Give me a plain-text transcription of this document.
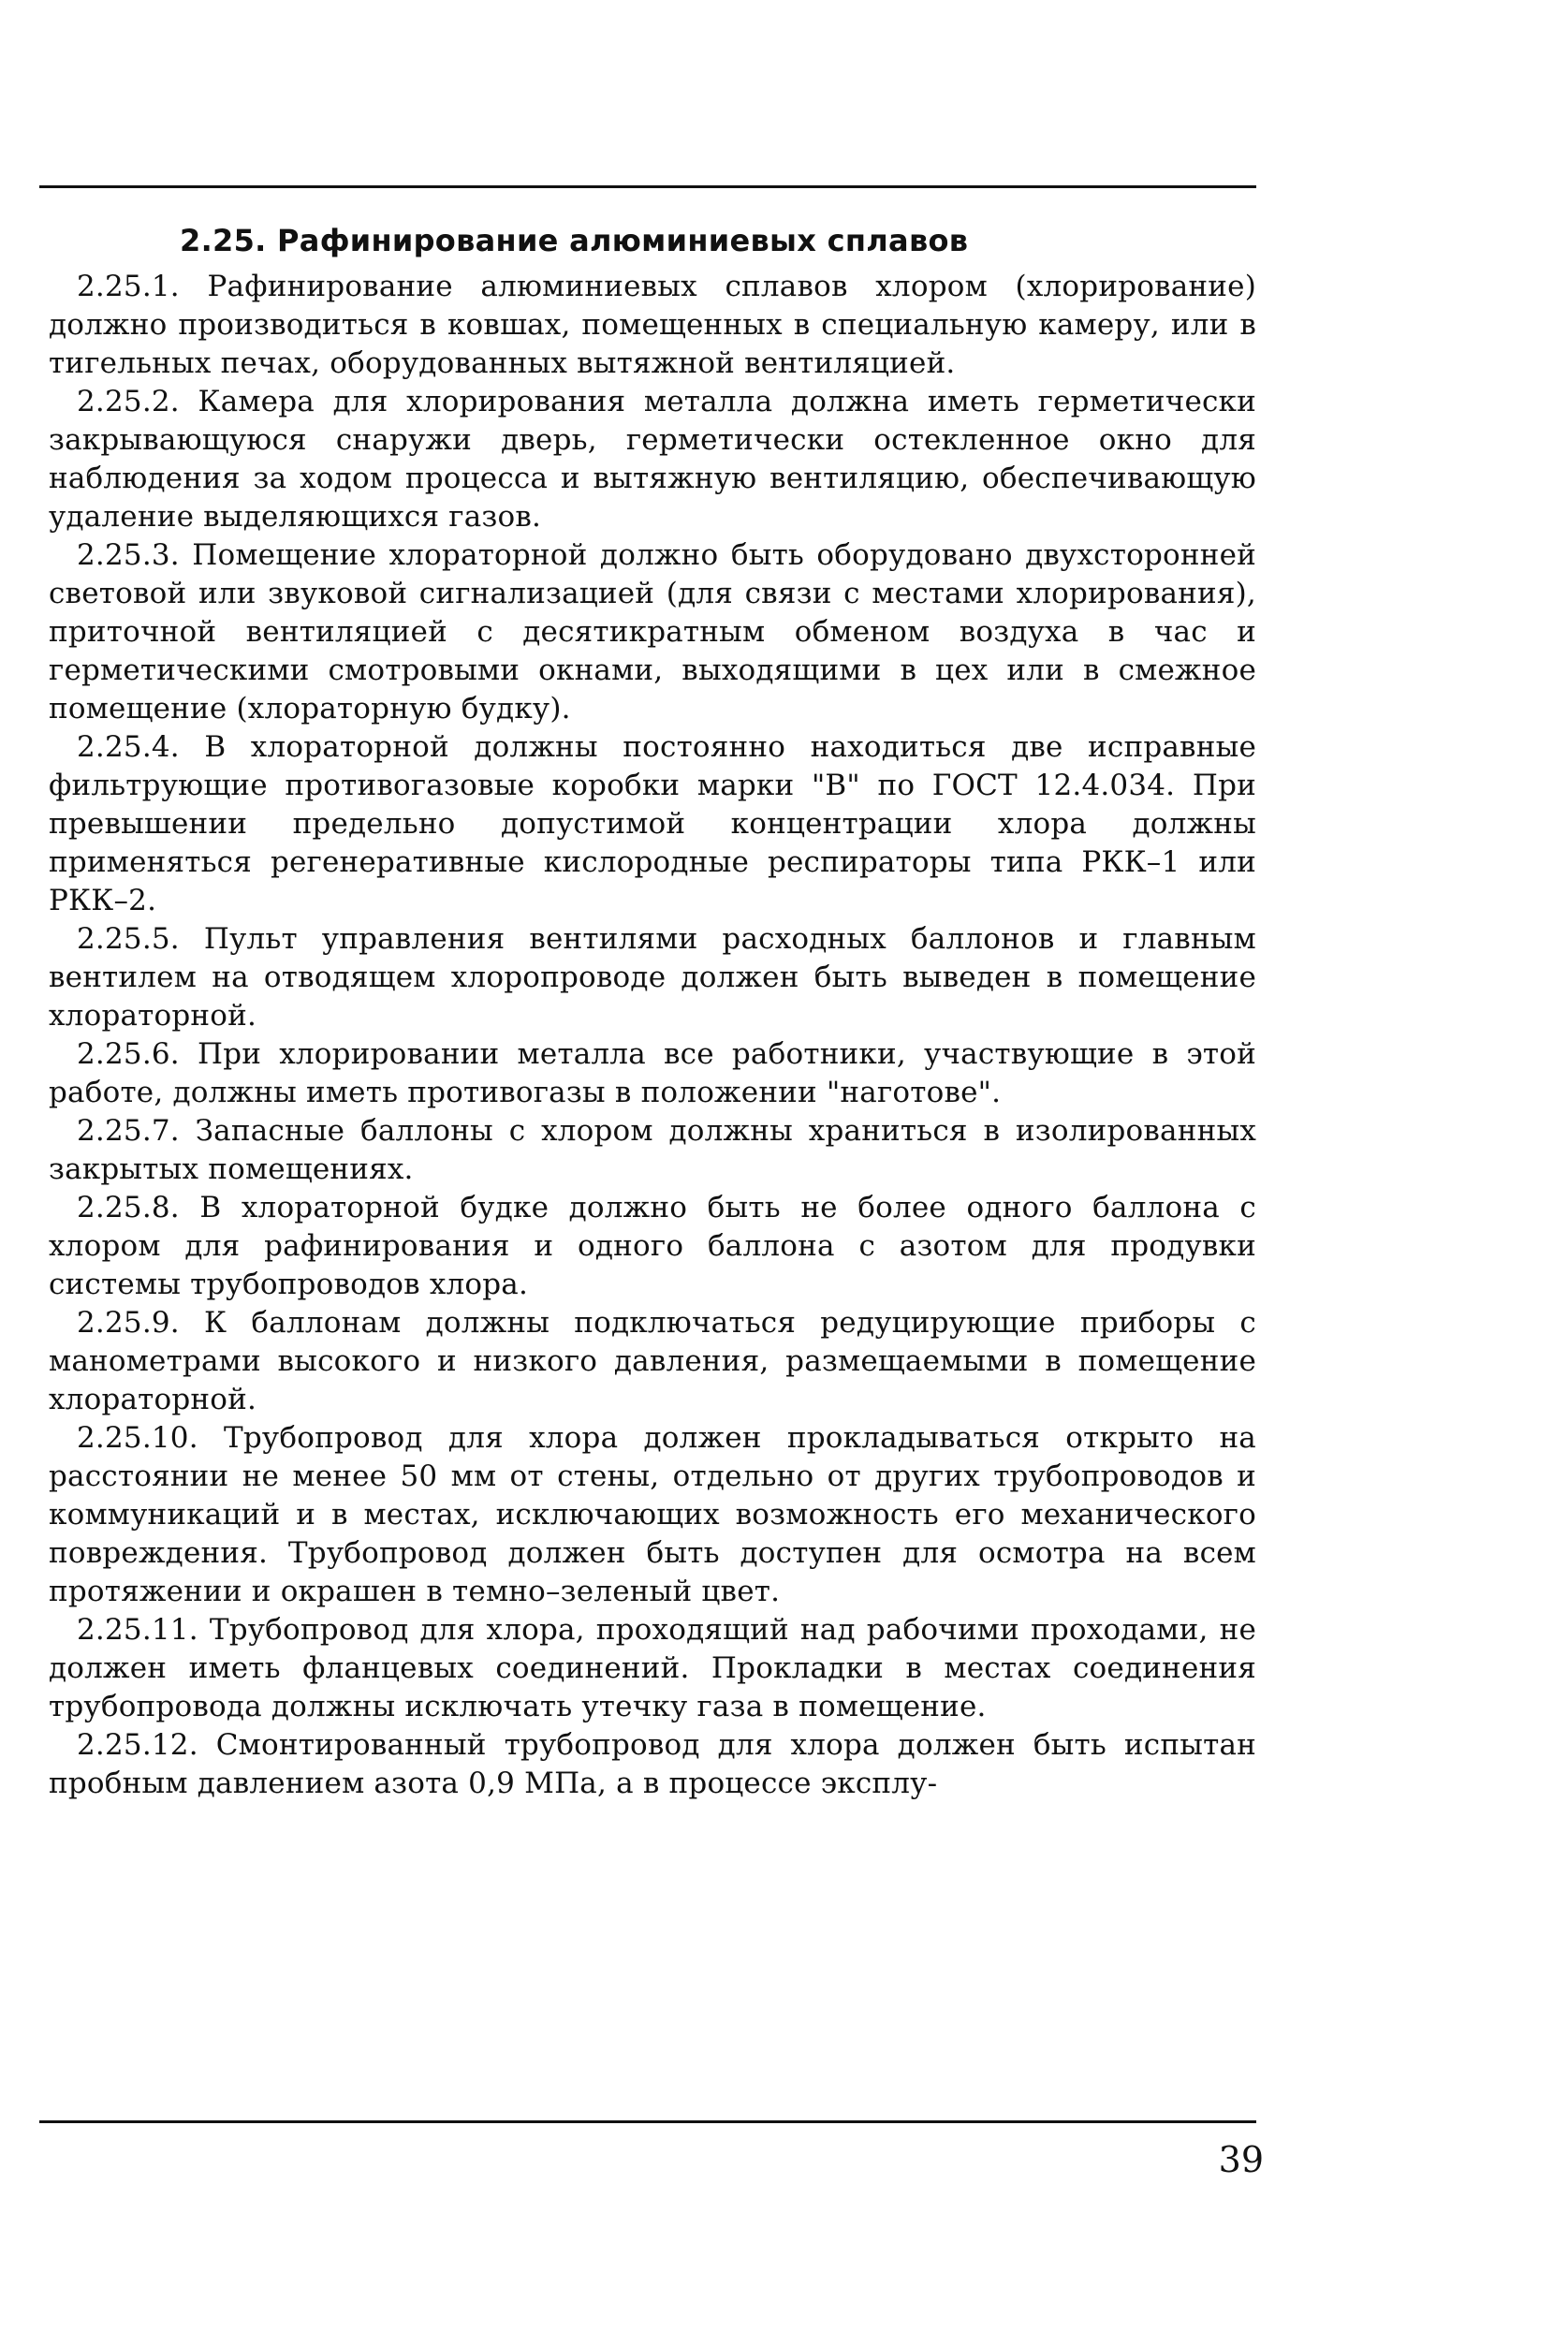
2.25. Рафинирование алюминиевых сплавов

2.25.1. Рафинирование алюминиевых сплавов хлором (хлорирование) должно производиться в ковшах, помещенных в специальную камеру, или в тигельных печах, оборудованных вытяжной вентиляцией.

2.25.2. Камера для хлорирования металла должна иметь герметически закрывающуюся снаружи дверь, герметически остекленное окно для наблюдения за ходом процесса и вытяжную вентиляцию, обеспечивающую удаление выделяющихся газов.

2.25.3. Помещение хлораторной должно быть оборудовано двухсторонней световой или звуковой сигнализацией (для связи с местами хлорирования), приточной вентиляцией с десятикратным обменом воздуха в час и герметическими смотровыми окнами, выходящими в цех или в смежное помещение (хлораторную будку).

2.25.4. В хлораторной должны постоянно находиться две исправные фильтрующие противогазовые коробки марки "В" по ГОСТ 12.4.034. При превышении предельно допустимой концентрации хлора должны применяться регенеративные кислородные респираторы типа РКК–1 или РКК–2.

2.25.5. Пульт управления вентилями расходных баллонов и главным вентилем на отводящем хлоропроводе должен быть выведен в помещение хлораторной.

2.25.6. При хлорировании металла все работники, участвующие в этой работе, должны иметь противогазы в положении "наготове".

2.25.7. Запасные баллоны с хлором должны храниться в изолированных закрытых помещениях.

2.25.8. В хлораторной будке должно быть не более одного баллона с хлором для рафинирования и одного баллона с азотом для продувки системы трубопроводов хлора.

2.25.9. К баллонам должны подключаться редуцирующие приборы с манометрами высокого и низкого давления, размещаемыми в помещение хлораторной.

2.25.10. Трубопровод для хлора должен прокладываться открыто на расстоянии не менее 50 мм от стены, отдельно от других трубопроводов и коммуникаций и в местах, исключающих возможность его механического повреждения. Трубопровод должен быть доступен для осмотра на всем протяжении и окрашен в темно–зеленый цвет.

2.25.11. Трубопровод для хлора, проходящий над рабочими проходами, не должен иметь фланцевых соединений. Прокладки в местах соединения трубопровода должны исключать утечку газа в помещение.

2.25.12. Смонтированный трубопровод для хлора должен быть испытан пробным давлением азота 0,9 МПа, а в процессе эксплу-

39
